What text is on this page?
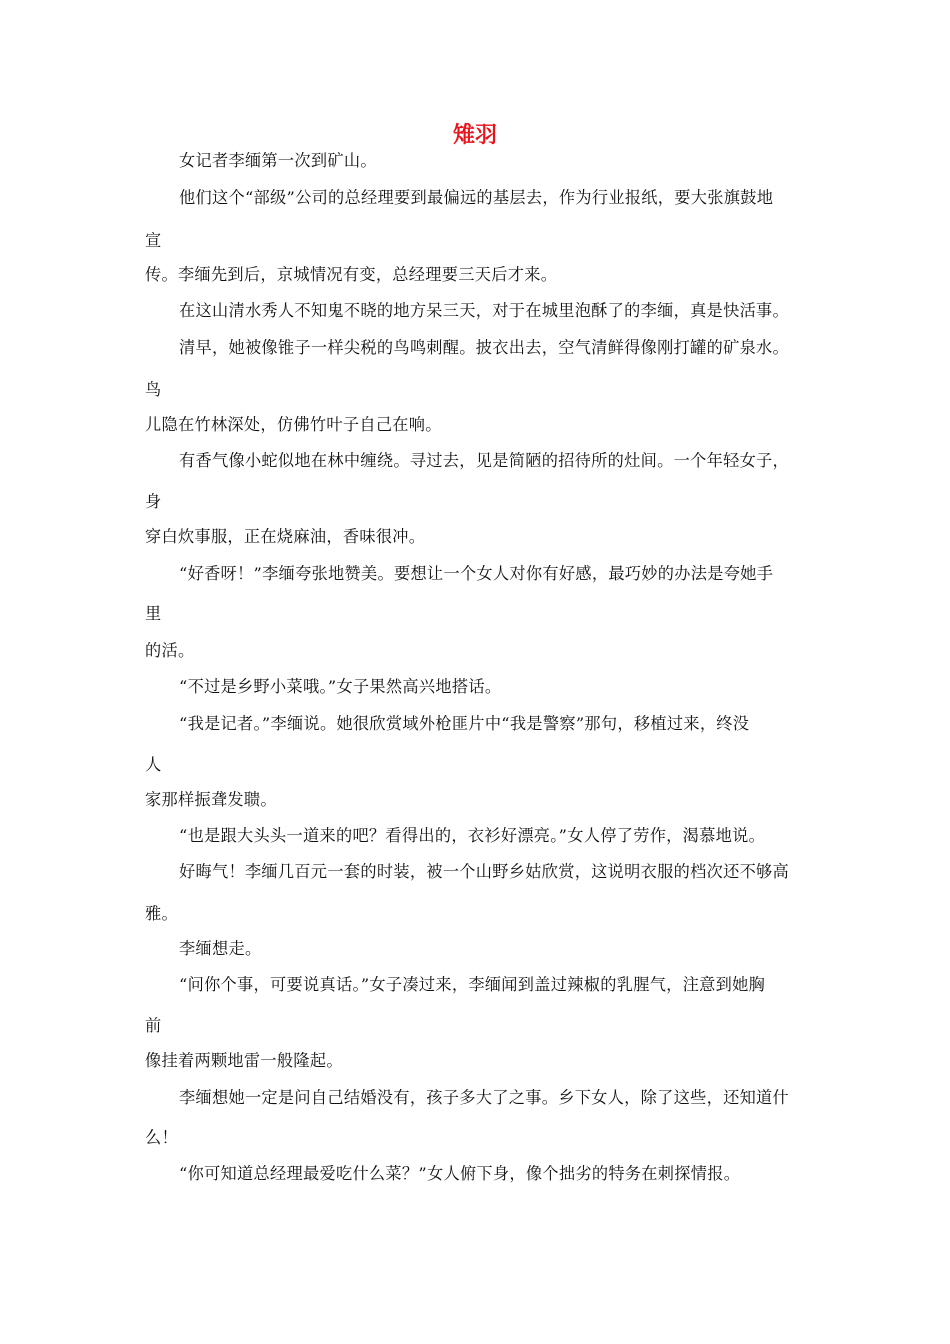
雉羽
女记者李缅第一次到矿山。
他们这个“部级”公司的总经理要到最偏远的基层去，作为行业报纸，要大张旗鼓地
宣
传。李缅先到后，京城情况有变，总经理要三天后才来。
在这山清水秀人不知鬼不晓的地方呆三天，对于在城里泡酥了的李缅，真是快活事。
清早，她被像锥子一样尖税的鸟鸣刺醒。披衣出去，空气清鲜得像刚打罐的矿泉水。
鸟
儿隐在竹林深处，仿佛竹叶子自己在响。
有香气像小蛇似地在林中缠绕。寻过去，见是简陋的招待所的灶间。一个年轻女子，
身
穿白炊事服，正在烧麻油，香味很冲。
“好香呀！”李缅夸张地赞美。要想让一个女人对你有好感，最巧妙的办法是夸她手
里
的活。
“不过是乡野小菜哦。”女子果然高兴地搭话。
“我是记者。”李缅说。她很欣赏域外枪匪片中“我是警察”那句，移植过来，终没
人
家那样振聋发聩。
“也是跟大头头一道来的吧？看得出的，衣衫好漂亮。”女人停了劳作，渴慕地说。
好晦气！李缅几百元一套的时装，被一个山野乡姑欣赏，这说明衣服的档次还不够高
雅。
李缅想走。
“问你个事，可要说真话。”女子凑过来，李缅闻到盖过辣椒的乳腥气，注意到她胸
前
像挂着两颗地雷一般隆起。
李缅想她一定是问自己结婚没有，孩子多大了之事。乡下女人，除了这些，还知道什
么！
“你可知道总经理最爱吃什么菜？”女人俯下身，像个拙劣的特务在刺探情报。
